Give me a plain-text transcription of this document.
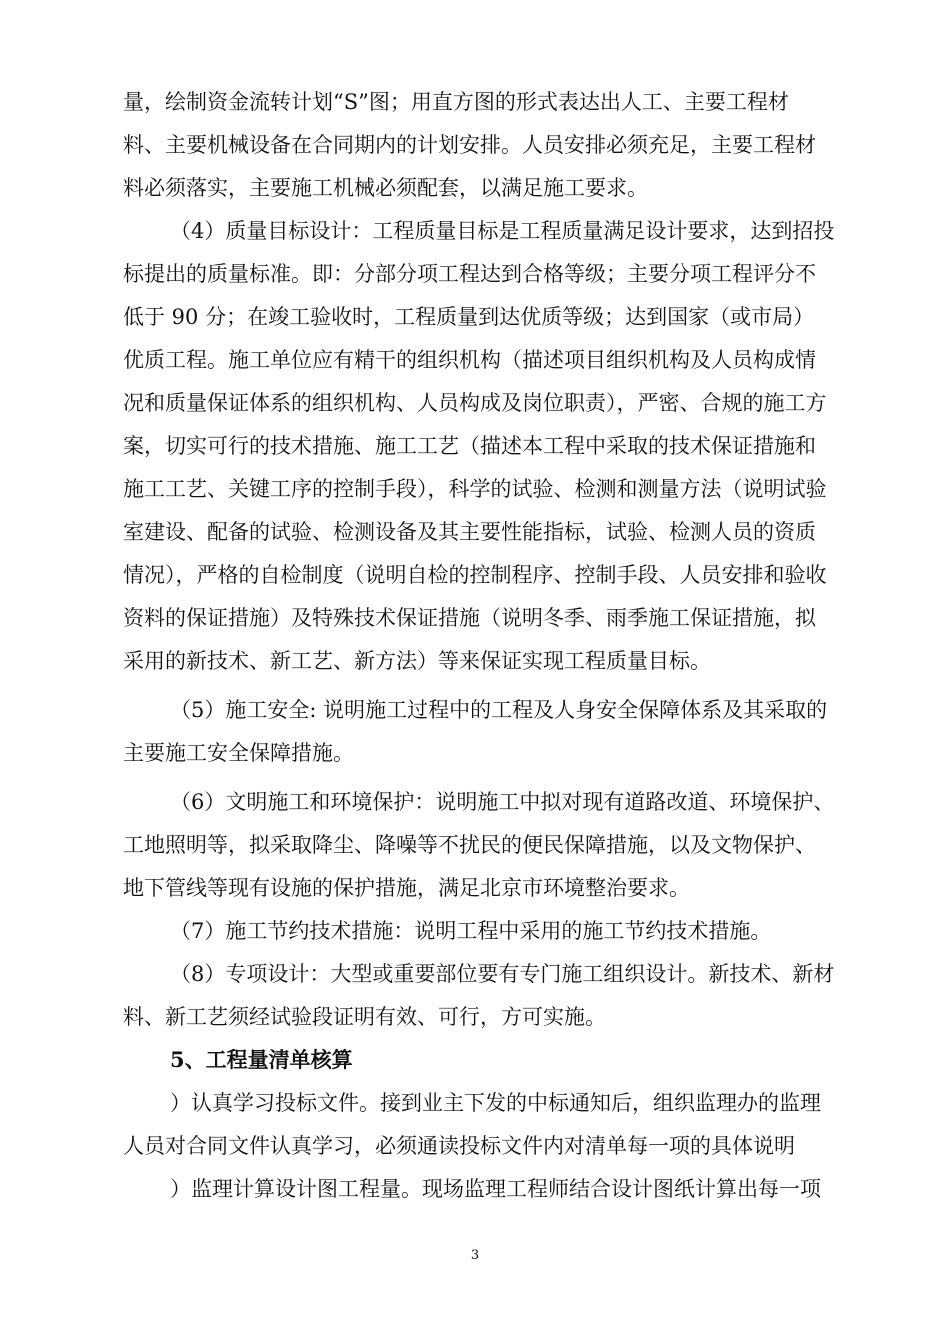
量，绘制资金流转计划“S”图；用直方图的形式表达出人工、主要工程材
料、主要机械设备在合同期内的计划安排。人员安排必须充足，主要工程材
料必须落实，主要施工机械必须配套，以满足施工要求。
（4）质量目标设计：工程质量目标是工程质量满足设计要求，达到招投
标提出的质量标准。即：分部分项工程达到合格等级；主要分项工程评分不
低于 90 分；在竣工验收时，工程质量到达优质等级；达到国家（或市局）
优质工程。施工单位应有精干的组织机构（描述项目组织机构及人员构成情
况和质量保证体系的组织机构、人员构成及岗位职责），严密、合规的施工方
案，切实可行的技术措施、施工工艺（描述本工程中采取的技术保证措施和
施工工艺、关键工序的控制手段），科学的试验、检测和测量方法（说明试验
室建设、配备的试验、检测设备及其主要性能指标，试验、检测人员的资质
情况），严格的自检制度（说明自检的控制程序、控制手段、人员安排和验收
资料的保证措施）及特殊技术保证措施（说明冬季、雨季施工保证措施，拟
采用的新技术、新工艺、新方法）等来保证实现工程质量目标。
（5）施工安全: 说明施工过程中的工程及人身安全保障体系及其采取的
主要施工安全保障措施。
（6）文明施工和环境保护：说明施工中拟对现有道路改道、环境保护、
工地照明等，拟采取降尘、降噪等不扰民的便民保障措施，以及文物保护、
地下管线等现有设施的保护措施，满足北京市环境整治要求。
（7）施工节约技术措施：说明工程中采用的施工节约技术措施。
（8）专项设计：大型或重要部位要有专门施工组织设计。新技术、新材
料、新工艺须经试验段证明有效、可行，方可实施。
5、工程量清单核算
）认真学习投标文件。接到业主下发的中标通知后，组织监理办的监理
人员对合同文件认真学习，必须通读投标文件内对清单每一项的具体说明
）监理计算设计图工程量。现场监理工程师结合设计图纸计算出每一项
3
